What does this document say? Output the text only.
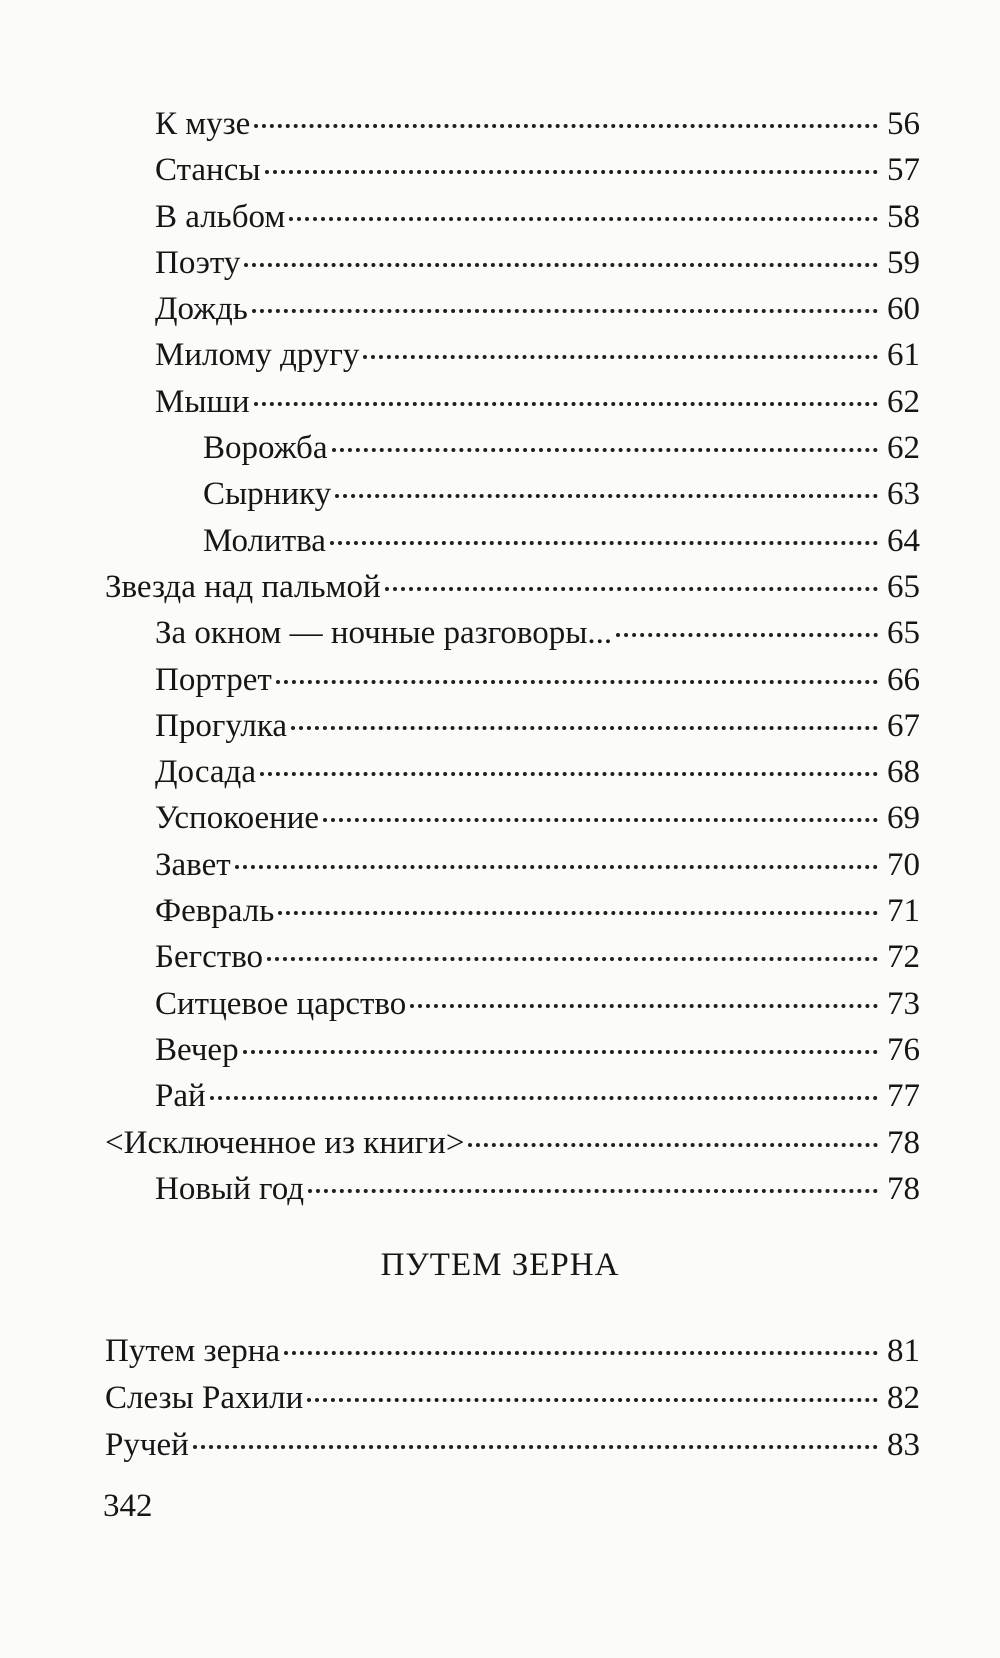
К музе	56
Стансы	57
В альбом	58
Поэту	59
Дождь	60
Милому другу	61
Мыши	62
Ворожба	62
Сырнику	63
Молитва	64
Звезда над пальмой	65
За окном — ночные разговоры...	65
Портрет	66
Прогулка	67
Досада	68
Успокоение	69
Завет	70
Февраль	71
Бегство	72
Ситцевое царство	73
Вечер	76
Рай	77
<Исключенное из книги>	78
Новый год	78
ПУТЕМ ЗЕРНА
Путем зерна	81
Слезы Рахили	82
Ручей	83
342
